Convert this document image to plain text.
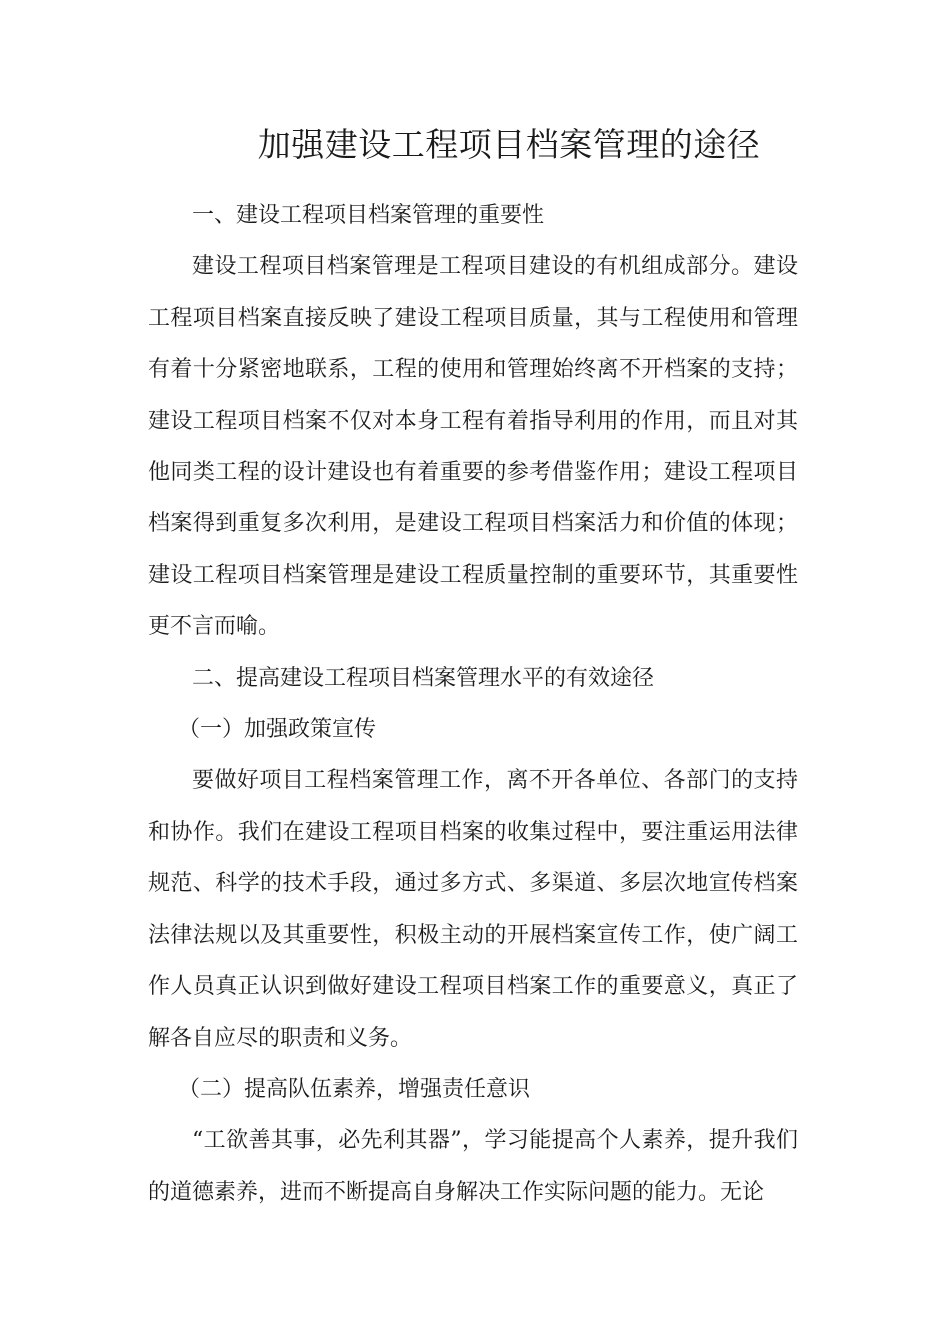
加强建设工程项目档案管理的途径

一、建设工程项目档案管理的重要性

建设工程项目档案管理是工程项目建设的有机组成部分。建设工程项目档案直接反映了建设工程项目质量，其与工程使用和管理有着十分紧密地联系，工程的使用和管理始终离不开档案的支持；建设工程项目档案不仅对本身工程有着指导利用的作用，而且对其他同类工程的设计建设也有着重要的参考借鉴作用；建设工程项目档案得到重复多次利用，是建设工程项目档案活力和价值的体现；建设工程项目档案管理是建设工程质量控制的重要环节，其重要性更不言而喻。

二、提高建设工程项目档案管理水平的有效途径

（一）加强政策宣传

要做好项目工程档案管理工作，离不开各单位、各部门的支持和协作。我们在建设工程项目档案的收集过程中，要注重运用法律规范、科学的技术手段，通过多方式、多渠道、多层次地宣传档案法律法规以及其重要性，积极主动的开展档案宣传工作，使广阔工作人员真正认识到做好建设工程项目档案工作的重要意义，真正了解各自应尽的职责和义务。

（二）提高队伍素养，增强责任意识

“工欲善其事，必先利其器”，学习能提高个人素养，提升我们的道德素养，进而不断提高自身解决工作实际问题的能力。无论
